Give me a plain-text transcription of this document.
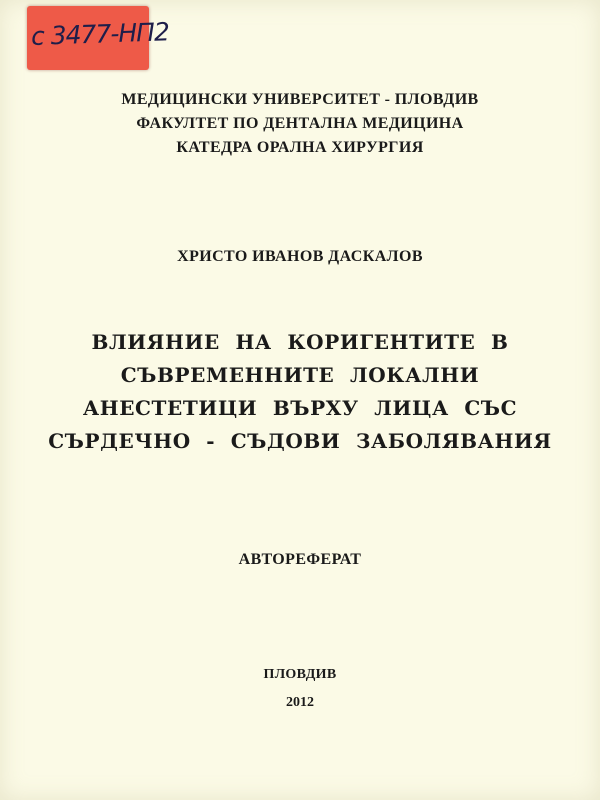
с 3477-НП2
МЕДИЦИНСКИ УНИВЕРСИТЕТ - ПЛОВДИВ
ФАКУЛТЕТ ПО ДЕНТАЛНА МЕДИЦИНА
КАТЕДРА ОРАЛНА ХИРУРГИЯ
ХРИСТО ИВАНОВ ДАСКАЛОВ
ВЛИЯНИЕ НА КОРИГЕНТИТЕ В
СЪВРЕМЕННИТЕ ЛОКАЛНИ
АНЕСТЕТИЦИ ВЪРХУ ЛИЦА СЪС
СЪРДЕЧНО - СЪДОВИ ЗАБОЛЯВАНИЯ
АВТОРЕФЕРАТ
ПЛОВДИВ
2012
